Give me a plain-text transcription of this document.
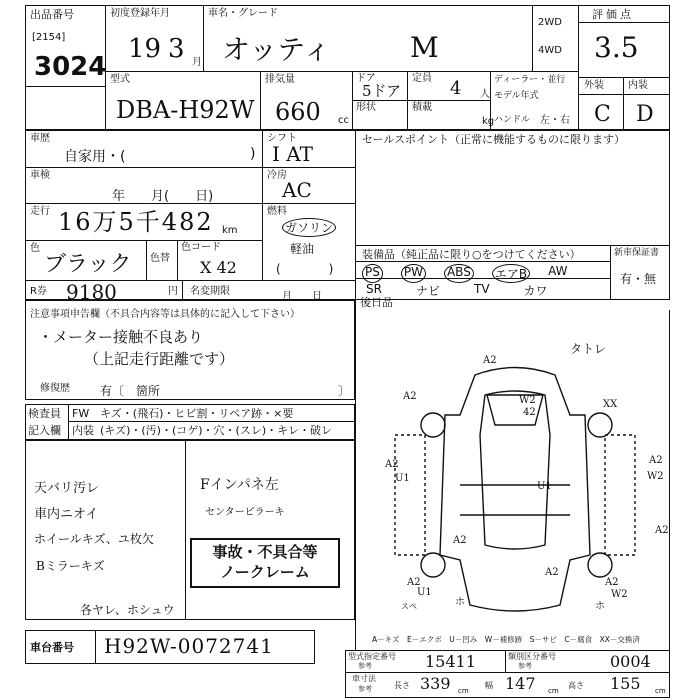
出品番号
[2154]
3024
初度登録年月
19 3 月
車名・グレード
オッティ	M
2WD
4WD
評価点
3.5
外装 内装
C D
型式
DBA-H92W
排気量
660 cc
ドア
5ドア
定員 4 人
ディーラー・並行
モデル年式
形状	積載
kg ハンドル 左・右
車歴
自家用・(	)
シフト
I AT
セールスポイント（正常に機能するものに限ります）
車検
年　　月(　　日)
冷房
AC
走行 16万5千482 km
燃料
ガソリン
軽油
(　　　　)
色
ブラック 色替
色コード
X 42
装備品（純正品に限り○をつけてください）	新車保証書
有・無
PS PW ABS エアB AW
SR	ナビ	TV	カワ
R券 9180	円 名変期限	月　　日
注意事項申告欄（不具合内容等は具体的に記入して下さい）
・メーター接触不良あり
（上記走行距離です）
修復歴	有〔　箇所	〕
後日品
検査員
記入欄
FW キズ・(飛石)・ヒビ割・リペア跡・×要
内装 (キズ)・(汚)・(コゲ)・穴・(スレ)・キレ・破レ
天バリ汚レ
車内ニオイ
ホイールキズ、ユ枚欠
Bミラーキズ
各ヤレ、ホシュウ
Fインパネ左
センターピラーキ
事故・不具合等
ノークレーム
タトレ
A2
A2	W2
42
XX
A2
U1
A2
W2
U1
A2
A2
A2
A2
U1
A2
W2
スペ	ホ	ホ
A－キズ　E－エクボ　U－凹み　W－補修跡　S－サビ　C－腐食　XX－交換済
車台番号 H92W-0072741	型式指定番号
参考	15411	類別区分番号
参考	0004
車寸法
参考	長さ 339 cm
幅 147 cm
高さ 155 cm
